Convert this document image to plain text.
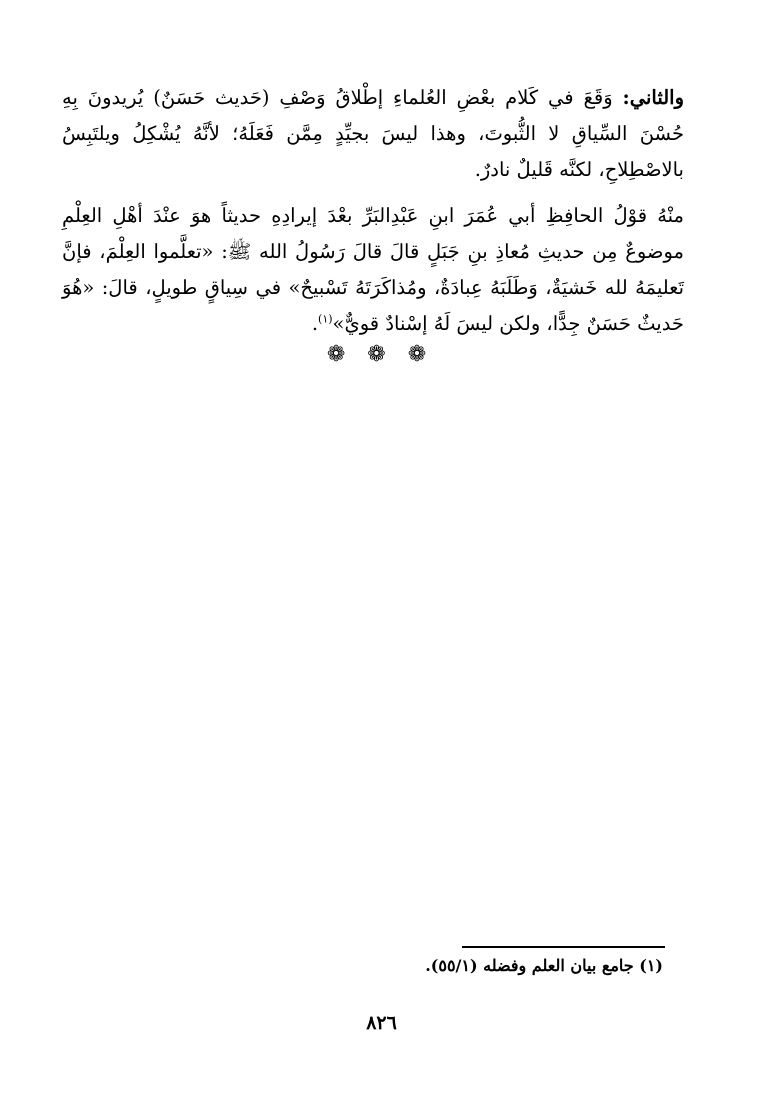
والثاني: وَقَعَ في كَلام بعْضِ العُلماءِ إطْلاقُ وَصْفِ (حَديث حَسَنٌ) يُريدونَ بِهِ حُسْنَ السِّياقِ لا الثُّبوتَ، وهذا ليسَ بجيِّدٍ مِمَّن فَعَلَهُ؛ لأنَّهُ يُشْكِلُ ويلتَبِسُ بالاصْطِلاحِ، لكنَّه قَليلٌ نادرٌ.

منْهُ قوْلُ الحافِظِ أبي عُمَرَ ابنِ عَبْدِالبَرِّ بعْدَ إيرادِهِ حديثاً هوَ عنْدَ أهْلِ العِلْمِ موضوعٌ مِن حديثِ مُعاذِ بنِ جَبَلٍ قالَ قالَ رَسُولُ الله ﷺ: «تعلَّموا العِلْمَ، فإنَّ تَعليمَهُ لله خَشيَةٌ، وَطَلَبَهُ عِبادَةٌ، ومُذاكَرَتَهُ تَسْبيحٌ» في سِياقٍ طويلٍ، قالَ: «هُوَ حَديثٌ حَسَنٌ جِدًّا، ولكن ليسَ لَهُ إسْنادٌ قويٌّ»$^{(١)}$.

❁ ❁ ❁
(١) جامع بيان العلم وفضله (٥٥/١).
٨٢٦
